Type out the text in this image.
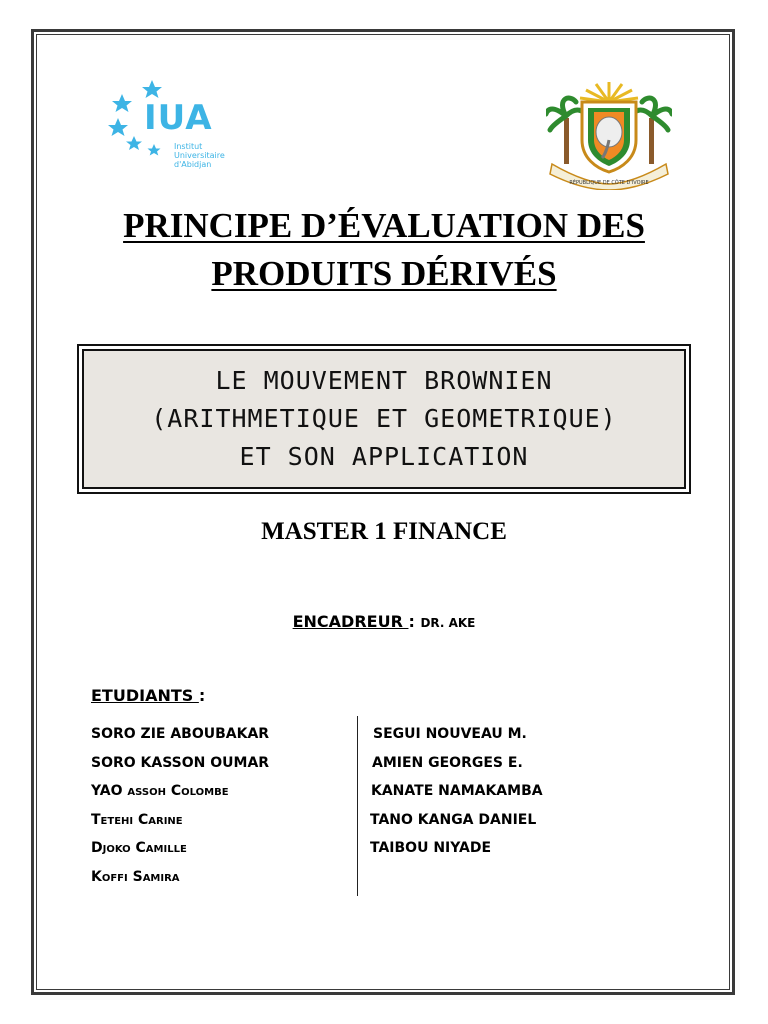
IUA
Institut
Universitaire
d'Abidjan
RÉPUBLIQUE DE CÔTE D'IVOIRE
PRINCIPE D’ÉVALUATION DES
PRODUITS DÉRIVÉS
LE MOUVEMENT BROWNIEN
(ARITHMETIQUE ET GEOMETRIQUE)
ET SON APPLICATION
MASTER 1 FINANCE
ENCADREUR : DR. AKE
ETUDIANTS :
SORO ZIE ABOUBAKAR
SORO KASSON OUMAR
YAO assoh Colombe
Tetehi Carine
Djoko Camille
Koffi Samira
SEGUI NOUVEAU M.
AMIEN GEORGES E.
KANATE NAMAKAMBA
TANO KANGA DANIEL
TAIBOU NIYADE
